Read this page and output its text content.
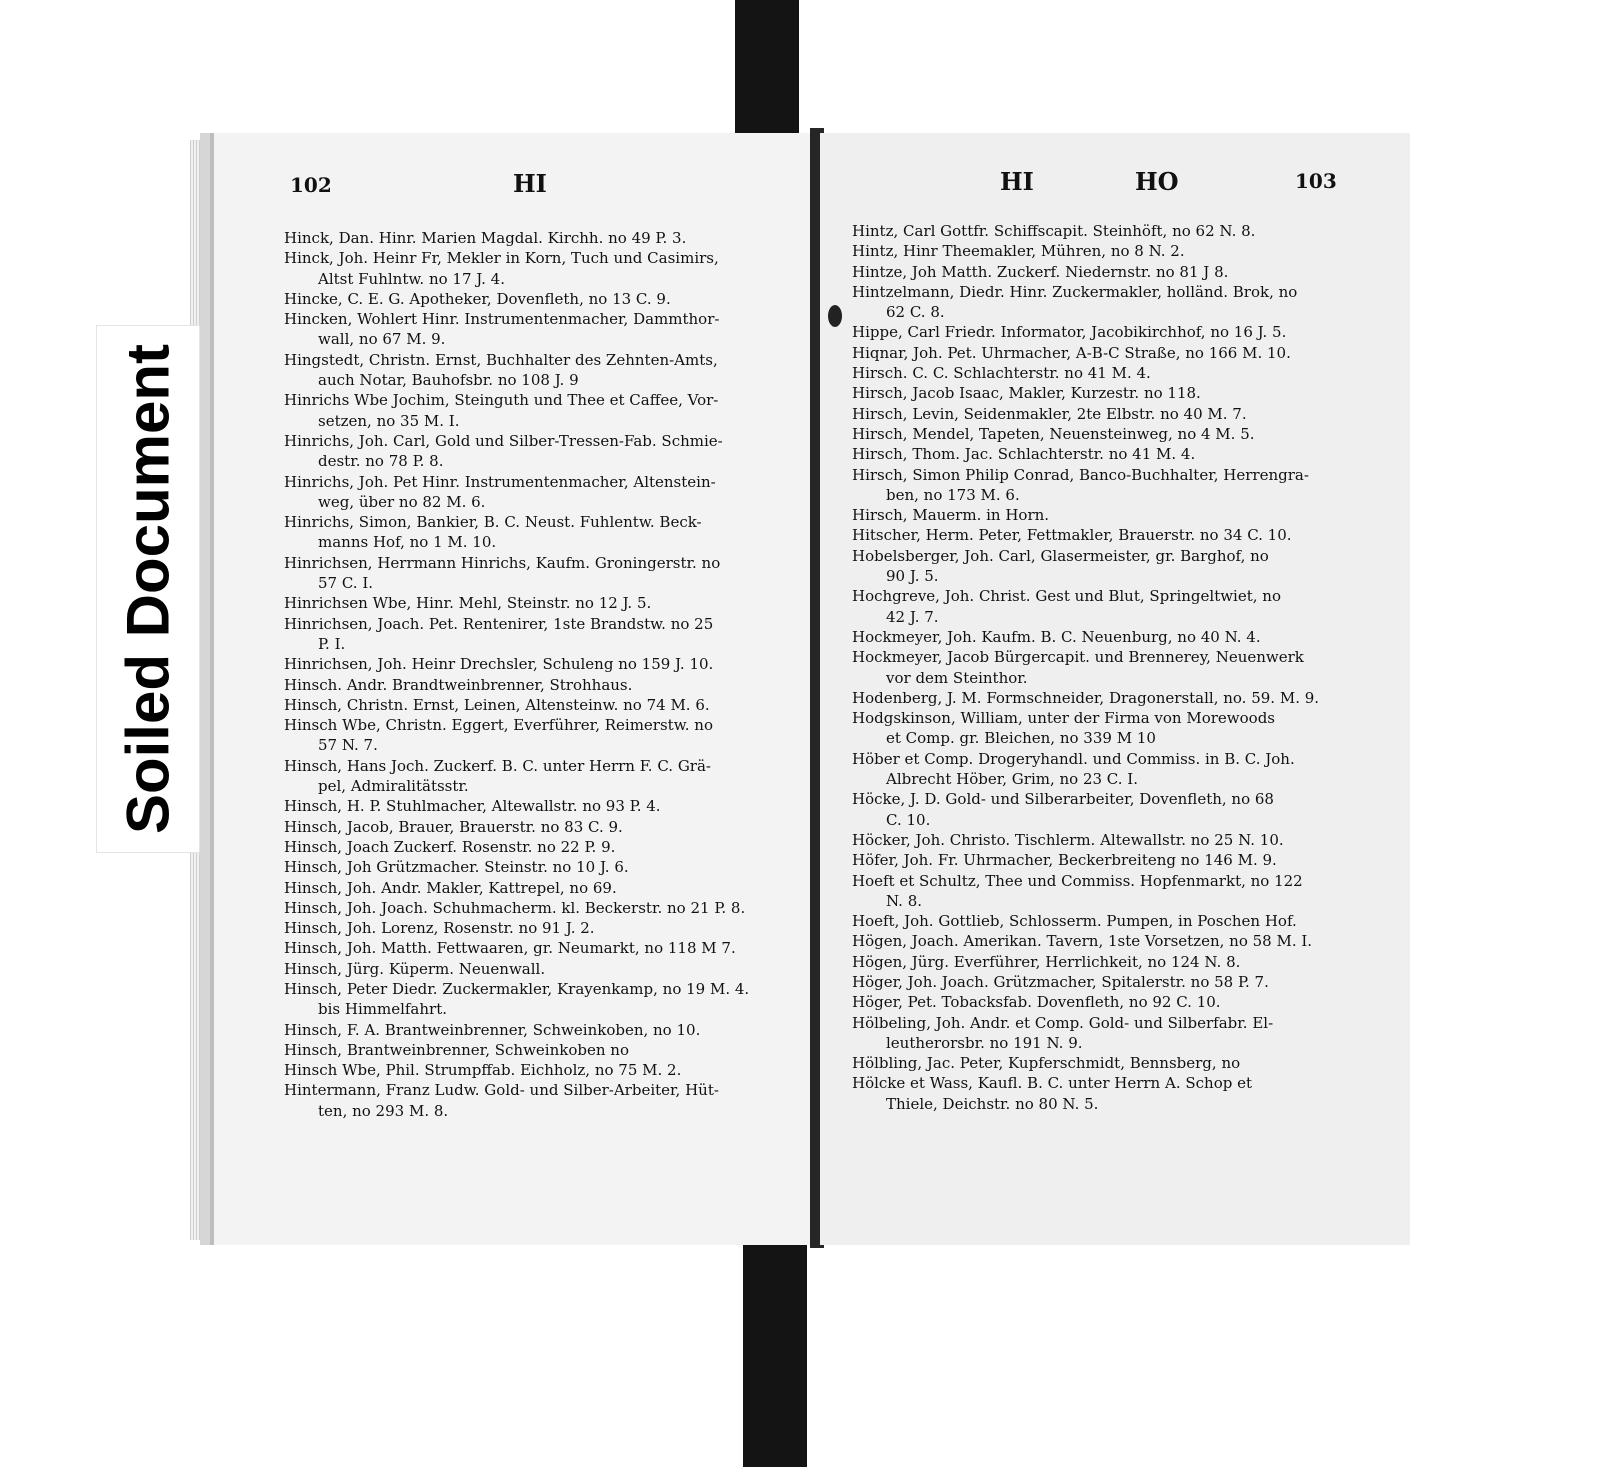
102	HI
Hinck, Dan. Hinr. Marien Magdal. Kirchh. no 49 P. 3.
Hinck, Joh. Heinr Fr, Mekler in Korn, Tuch und Casimirs,
Altst Fuhlntw. no 17 J. 4.
Hincke, C. E. G. Apotheker, Dovenfleth, no 13 C. 9.
Hincken, Wohlert Hinr. Instrumentenmacher, Dammthor-
wall, no 67 M. 9.
Hingstedt, Christn. Ernst, Buchhalter des Zehnten-Amts,
auch Notar, Bauhofsbr. no 108 J. 9
Hinrichs Wbe Jochim, Steinguth und Thee et Caffee, Vor-
setzen, no 35 M. I.
Hinrichs, Joh. Carl, Gold und Silber-Tressen-Fab. Schmie-
destr. no 78 P. 8.
Hinrichs, Joh. Pet Hinr. Instrumentenmacher, Altenstein-
weg, über no 82 M. 6.
Hinrichs, Simon, Bankier, B. C. Neust. Fuhlentw. Beck-
manns Hof, no 1 M. 10.
Hinrichsen, Herrmann Hinrichs, Kaufm. Groningerstr. no
57 C. I.
Hinrichsen Wbe, Hinr. Mehl, Steinstr. no 12 J. 5.
Hinrichsen, Joach. Pet. Rentenirer, 1ste Brandstw. no 25
P. I.
Hinrichsen, Joh. Heinr Drechsler, Schuleng no 159 J. 10.
Hinsch. Andr. Brandtweinbrenner, Strohhaus.
Hinsch, Christn. Ernst, Leinen, Altensteinw. no 74 M. 6.
Hinsch Wbe, Christn. Eggert, Everführer, Reimerstw. no
57 N. 7.
Hinsch, Hans Joch. Zuckerf. B. C. unter Herrn F. C. Grä-
pel, Admiralitätsstr.
Hinsch, H. P. Stuhlmacher, Altewallstr. no 93 P. 4.
Hinsch, Jacob, Brauer, Brauerstr. no 83 C. 9.
Hinsch, Joach Zuckerf. Rosenstr. no 22 P. 9.
Hinsch, Joh Grützmacher. Steinstr. no 10 J. 6.
Hinsch, Joh. Andr. Makler, Kattrepel, no 69.
Hinsch, Joh. Joach. Schuhmacherm. kl. Beckerstr. no 21 P. 8.
Hinsch, Joh. Lorenz, Rosenstr. no 91 J. 2.
Hinsch, Joh. Matth. Fettwaaren, gr. Neumarkt, no 118 M 7.
Hinsch, Jürg. Küperm. Neuenwall.
Hinsch, Peter Diedr. Zuckermakler, Krayenkamp, no 19 M. 4.
bis Himmelfahrt.
Hinsch, F. A. Brantweinbrenner, Schweinkoben, no 10.
Hinsch, Brantweinbrenner, Schweinkoben no
Hinsch Wbe, Phil. Strumpffab. Eichholz, no 75 M. 2.
Hintermann, Franz Ludw. Gold- und Silber-Arbeiter, Hüt-
ten, no 293 M. 8.
HI	HO	103
Hintz, Carl Gottfr. Schiffscapit. Steinhöft, no 62 N. 8.
Hintz, Hinr Theemakler, Mühren, no 8 N. 2.
Hintze, Joh Matth. Zuckerf. Niedernstr. no 81 J 8.
Hintzelmann, Diedr. Hinr. Zuckermakler, holländ. Brok, no
62 C. 8.
Hippe, Carl Friedr. Informator, Jacobikirchhof, no 16 J. 5.
Hiqnar, Joh. Pet. Uhrmacher, A-B-C Straße, no 166 M. 10.
Hirsch. C. C. Schlachterstr. no 41 M. 4.
Hirsch, Jacob Isaac, Makler, Kurzestr. no 118.
Hirsch, Levin, Seidenmakler, 2te Elbstr. no 40 M. 7.
Hirsch, Mendel, Tapeten, Neuensteinweg, no 4 M. 5.
Hirsch, Thom. Jac. Schlachterstr. no 41 M. 4.
Hirsch, Simon Philip Conrad, Banco-Buchhalter, Herrengra-
ben, no 173 M. 6.
Hirsch, Mauerm. in Horn.
Hitscher, Herm. Peter, Fettmakler, Brauerstr. no 34 C. 10.
Hobelsberger, Joh. Carl, Glasermeister, gr. Barghof, no
90 J. 5.
Hochgreve, Joh. Christ. Gest und Blut, Springeltwiet, no
42 J. 7.
Hockmeyer, Joh. Kaufm. B. C. Neuenburg, no 40 N. 4.
Hockmeyer, Jacob Bürgercapit. und Brennerey, Neuenwerk
vor dem Steinthor.
Hodenberg, J. M. Formschneider, Dragonerstall, no. 59. M. 9.
Hodgskinson, William, unter der Firma von Morewoods
et Comp. gr. Bleichen, no 339 M 10
Höber et Comp. Drogeryhandl. und Commiss. in B. C. Joh.
Albrecht Höber, Grim, no 23 C. I.
Höcke, J. D. Gold- und Silberarbeiter, Dovenfleth, no 68
C. 10.
Höcker, Joh. Christo. Tischlerm. Altewallstr. no 25 N. 10.
Höfer, Joh. Fr. Uhrmacher, Beckerbreiteng no 146 M. 9.
Hoeft et Schultz, Thee und Commiss. Hopfenmarkt, no 122
N. 8.
Hoeft, Joh. Gottlieb, Schlosserm. Pumpen, in Poschen Hof.
Högen, Joach. Amerikan. Tavern, 1ste Vorsetzen, no 58 M. I.
Högen, Jürg. Everführer, Herrlichkeit, no 124 N. 8.
Höger, Joh. Joach. Grützmacher, Spitalerstr. no 58 P. 7.
Höger, Pet. Tobacksfab. Dovenfleth, no 92 C. 10.
Hölbeling, Joh. Andr. et Comp. Gold- und Silberfabr. El-
leutherorsbr. no 191 N. 9.
Hölbling, Jac. Peter, Kupferschmidt, Bennsberg, no
Hölcke et Wass, Kaufl. B. C. unter Herrn A. Schop et
Thiele, Deichstr. no 80 N. 5.
Soiled Document
